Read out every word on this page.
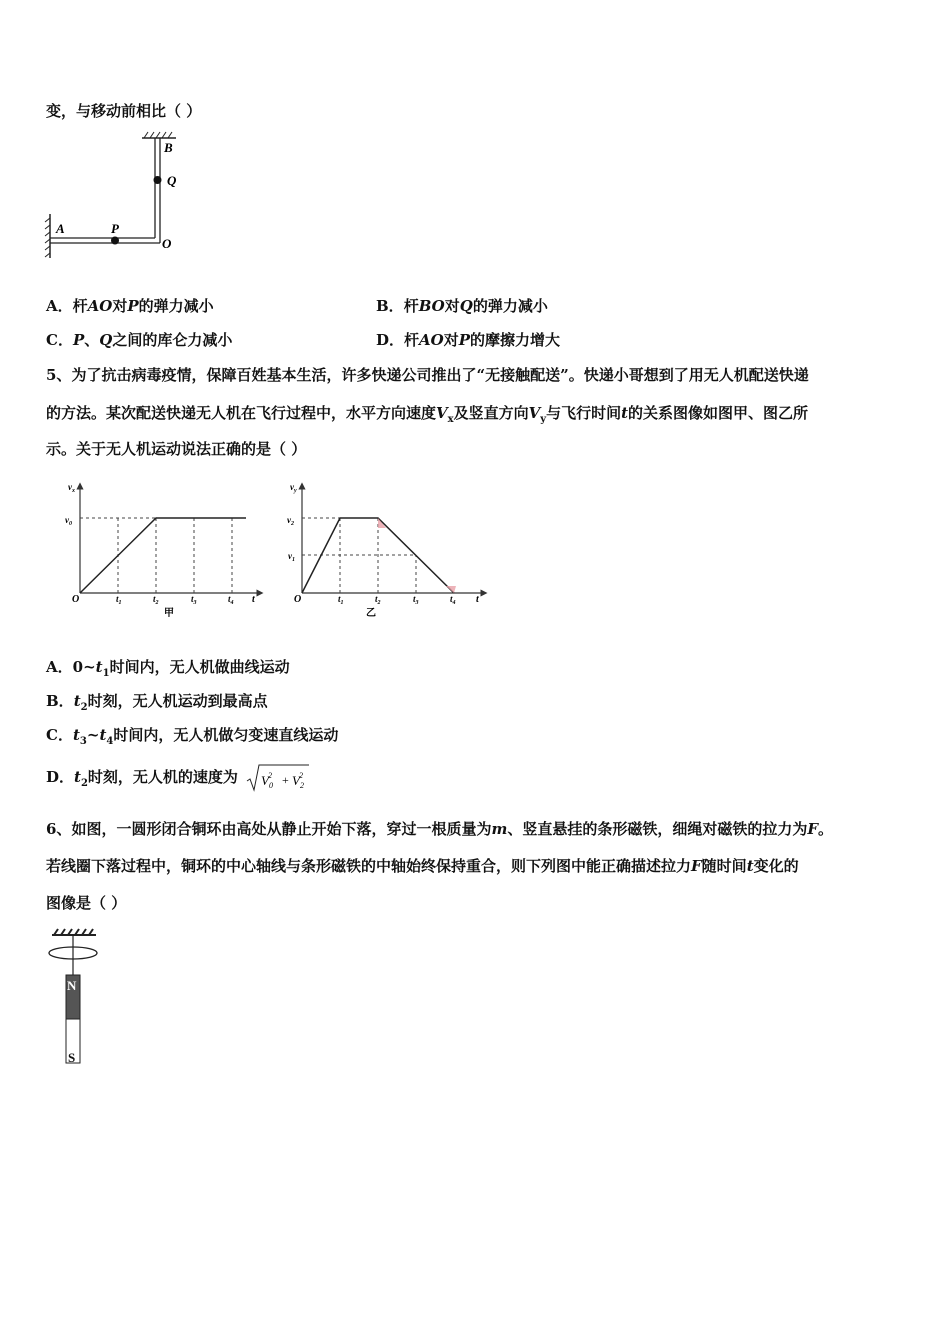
变，与移动前相比（ ）
B
Q
A	P
O
A．杆AO对P的弹力减小	B．杆BO对Q的弹力减小
C．P、Q之间的库仑力减小	D．杆AO对P的摩擦力增大
5、为了抗击病毒疫情，保障百姓基本生活，许多快递公司推出了“无接触配送”。快递小哥想到了用无人机配送快递
的方法。某次配送快递无人机在飞行过程中，水平方向速度$V_x$及竖直方向$V_y$与飞行时间t的关系图像如图甲、图乙所
示。关于无人机运动说法正确的是（ ）
$v_x$
$v_0$
O	$t_1$	$t_2$	$t_3$	$t_4$ t
甲
$v_y$
$v_2$
$v_1$
O	$t_1$	$t_2$	$t_3$	$t_4$ t
乙
A．$0\sim t_1$时间内，无人机做曲线运动
B．$t_2$时刻，无人机运动到最高点
C．$t_3\sim t_4$时间内，无人机做匀变速直线运动
D．$t_2$时刻，无人机的速度为 $V_02 + V_22$
6、如图，一圆形闭合铜环由高处从静止开始下落，穿过一根质量为m、竖直悬挂的条形磁铁，细绳对磁铁的拉力为F。
若线圈下落过程中，铜环的中心轴线与条形磁铁的中轴始终保持重合，则下列图中能正确描述拉力F随时间t变化的
图像是（ ）
N
S
